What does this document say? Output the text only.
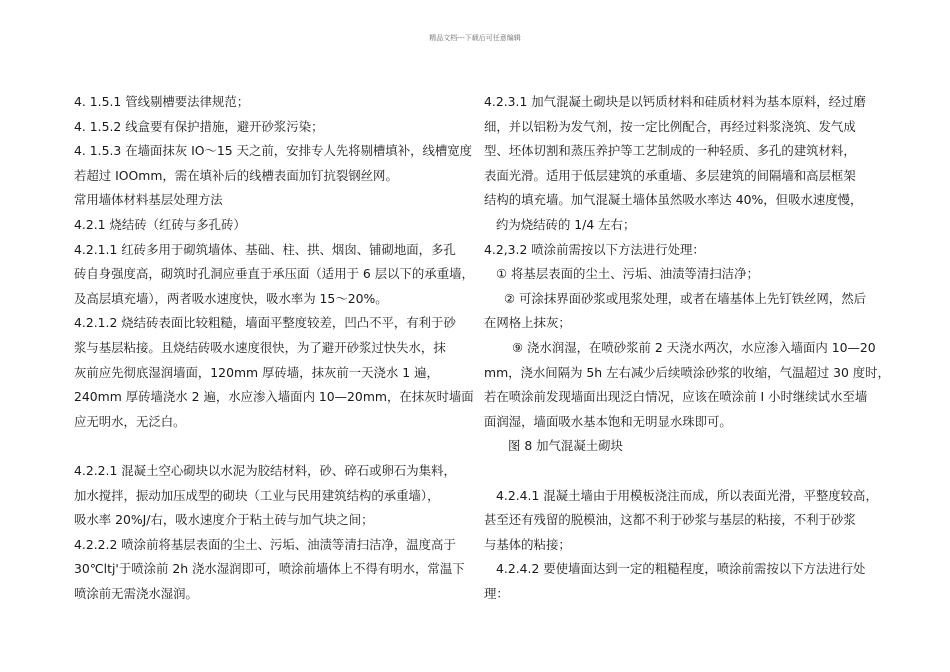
精品文档---下载后可任意编辑

4. 1.5.1 管线剔槽要法律规范；

4. 1.5.2 线盒要有保护措施，避开砂浆污染；

4. 1.5.3 在墙面抹灰 IO～15 天之前，安排专人先将剔槽填补，线槽宽度

若超过 IOOmm，需在填补后的线槽表面加钉抗裂钢丝网。

常用墙体材料基层处理方法

4.2.1 烧结砖（红砖与多孔砖）

4.2.1.1 红砖多用于砌筑墙体、基础、柱、拱、烟囱、铺砌地面，多孔

砖自身强度高，砌筑时孔洞应垂直于承压面（适用于 6 层以下的承重墙，

及高层填充墙），两者吸水速度快，吸水率为 15～20%。

4.2.1.2 烧结砖表面比较粗糙，墙面平整度较差，凹凸不平，有利于砂

浆与基层粘接。且烧结砖吸水速度很快，为了避开砂浆过快失水，抹

灰前应先彻底湿润墙面，120mm 厚砖墙，抹灰前一天浇水 1 遍，

240mm 厚砖墙浇水 2 遍，水应渗入墙面内 10—20mm，在抹灰时墙面

应无明水，无泛白。

4.2.2.1 混凝土空心砌块以水泥为胶结材料，砂、碎石或卵石为集料，

加水搅拌，振动加压成型的砌块（工业与民用建筑结构的承重墙），

吸水率 20%J/右，吸水速度介于粘土砖与加气块之间；

4.2.2.2 喷涂前将基层表面的尘土、污垢、油渍等清扫洁净，温度高于

30℃ltj'于喷涂前 2h 浇水湿润即可，喷涂前墙体上不得有明水，常温下

喷涂前无需浇水湿润。

4.2.3.1 加气混凝土砌块是以钙质材料和硅质材料为基本原料，经过磨

细，并以铝粉为发气剂，按一定比例配合，再经过料浆浇筑、发气成

型、坯体切割和蒸压养护等工艺制成的一种轻质、多孔的建筑材料，

表面光滑。适用于低层建筑的承重墙、多层建筑的间隔墙和高层框架

结构的填充墙。加气混凝土墙体虽然吸水率达 40%，但吸水速度慢，

约为烧结砖的 1/4 左右；

4.2,3.2 喷涂前需按以下方法进行处理：

① 将基层表面的尘土、污垢、油渍等清扫洁净；

② 可涂抹界面砂浆或甩浆处理，或者在墙基体上先钉铁丝网，然后

在网格上抹灰；

⑨ 浇水润湿，在喷砂浆前 2 天浇水两次，水应渗入墙面内 10—20

mm，浇水间隔为 5h 左右减少后续喷涂砂浆的收缩，气温超过 30 度时，

若在喷涂前发现墙面出现泛白情况，应该在喷涂前 I 小时继续试水至墙

面润湿，墙面吸水基本饱和无明显水珠即可。

图 8 加气混凝土砌块

4.2.4.1 混凝土墙由于用模板浇注而成，所以表面光滑，平整度较高，

甚至还有残留的脱模油，这都不利于砂浆与基层的粘接，不利于砂浆

与基体的粘接；

4.2.4.2 要使墙面达到一定的粗糙程度，喷涂前需按以下方法进行处

理：
